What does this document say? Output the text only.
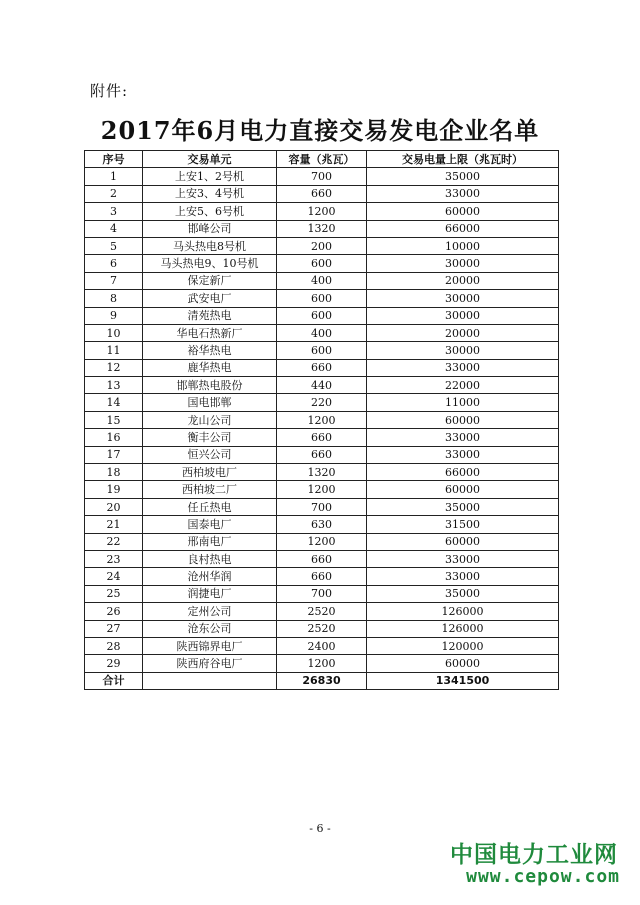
附件:
2017年6月电力直接交易发电企业名单
序号	交易单元	容量（兆瓦）	交易电量上限（兆瓦时）
1	上安1、2号机	700	35000
2	上安3、4号机	660	33000
3	上安5、6号机	1200	60000
4	邯峰公司	1320	66000
5	马头热电8号机	200	10000
6	马头热电9、10号机	600	30000
7	保定新厂	400	20000
8	武安电厂	600	30000
9	清苑热电	600	30000
10	华电石热新厂	400	20000
11	裕华热电	600	30000
12	鹿华热电	660	33000
13	邯郸热电股份	440	22000
14	国电邯郸	220	11000
15	龙山公司	1200	60000
16	衡丰公司	660	33000
17	恒兴公司	660	33000
18	西柏坡电厂	1320	66000
19	西柏坡二厂	1200	60000
20	任丘热电	700	35000
21	国泰电厂	630	31500
22	邢南电厂	1200	60000
23	良村热电	660	33000
24	沧州华润	660	33000
25	润捷电厂	700	35000
26	定州公司	2520	126000
27	沧东公司	2520	126000
28	陕西锦界电厂	2400	120000
29	陕西府谷电厂	1200	60000
合计		26830	1341500
- 6 -
中国电力工业网
www.cepow.com
